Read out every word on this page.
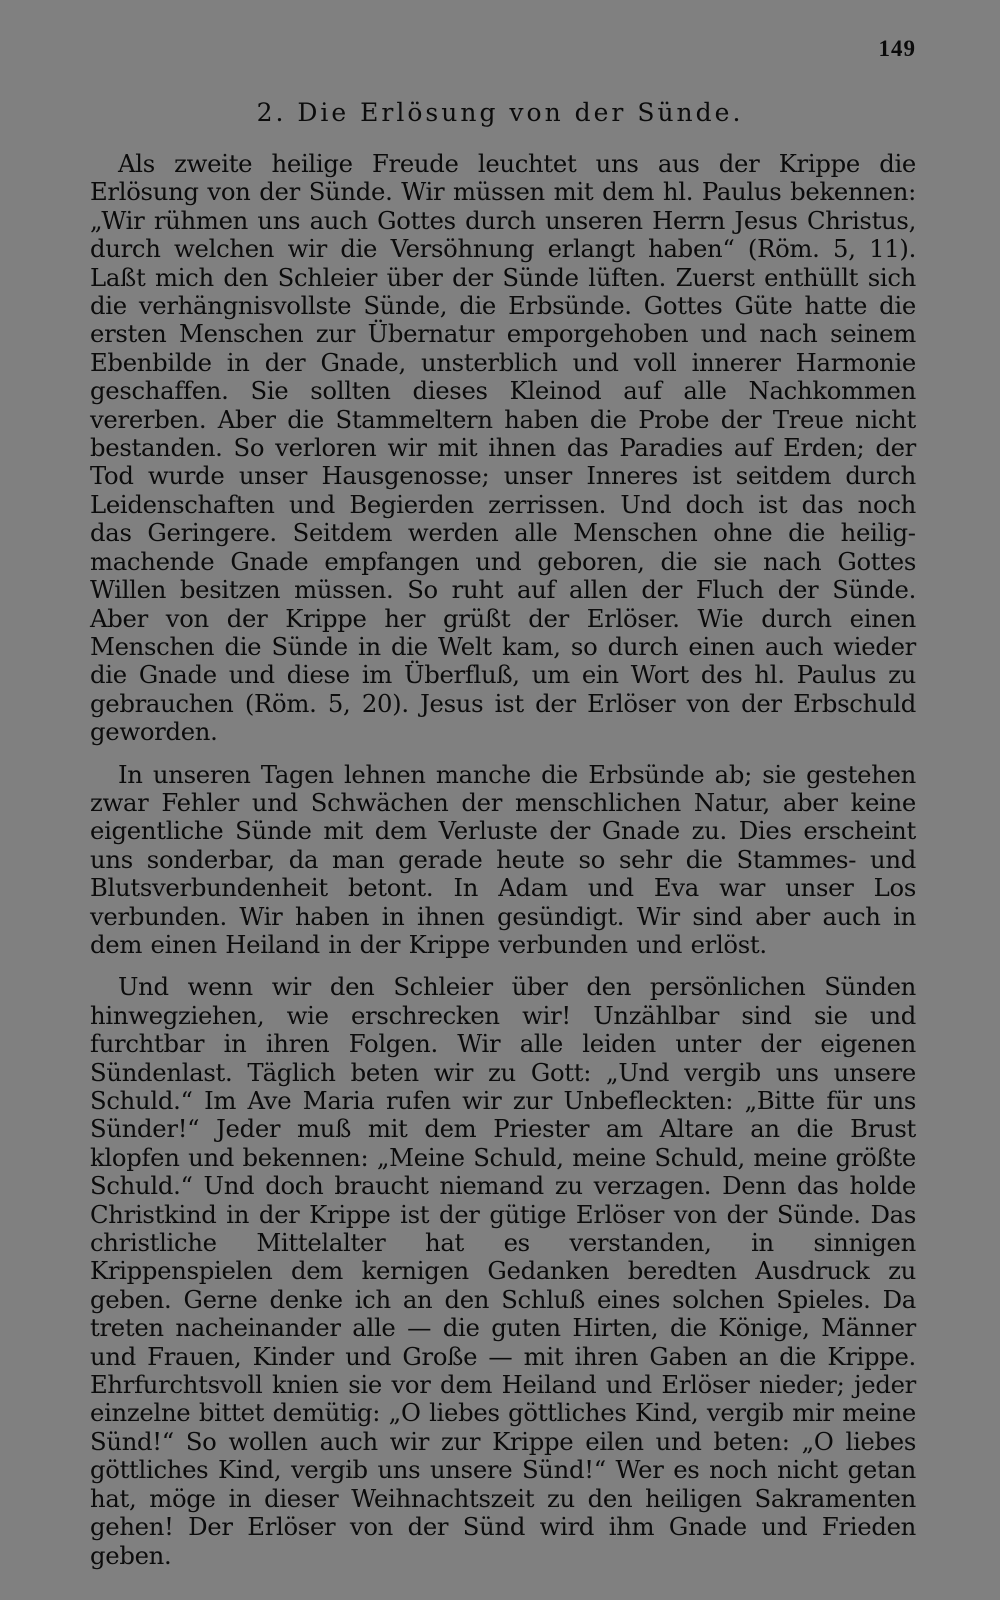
149
2. Die Erlösung von der Sünde.

Als zweite heilige Freude leuchtet uns aus der Krippe die Erlösung von der Sünde. Wir müssen mit dem hl. Paulus bekennen: „Wir rühmen uns auch Gottes durch unseren Herrn Jesus Christus, durch welchen wir die Versöhnung erlangt haben“ (Röm. 5, 11). Laßt mich den Schleier über der Sünde lüften. Zuerst enthüllt sich die verhängnisvollste Sünde, die Erbsünde. Gottes Güte hatte die ersten Menschen zur Übernatur emporgehoben und nach seinem Ebenbilde in der Gnade, unsterblich und voll innerer Harmonie geschaffen. Sie sollten dieses Kleinod auf alle Nachkommen vererben. Aber die Stammeltern haben die Probe der Treue nicht bestanden. So verloren wir mit ihnen das Paradies auf Erden; der Tod wurde unser Hausgenosse; unser Inneres ist seitdem durch Leidenschaften und Begierden zerrissen. Und doch ist das noch das Geringere. Seitdem werden alle Menschen ohne die heiligmachende Gnade empfangen und geboren, die sie nach Gottes Willen besitzen müssen. So ruht auf allen der Fluch der Sünde. Aber von der Krippe her grüßt der Erlöser. Wie durch einen Menschen die Sünde in die Welt kam, so durch einen auch wieder die Gnade und diese im Überfluß, um ein Wort des hl. Paulus zu gebrauchen (Röm. 5, 20). Jesus ist der Erlöser von der Erbschuld geworden.

In unseren Tagen lehnen manche die Erbsünde ab; sie gestehen zwar Fehler und Schwächen der menschlichen Natur, aber keine eigentliche Sünde mit dem Verluste der Gnade zu. Dies erscheint uns sonderbar, da man gerade heute so sehr die Stammes- und Blutsverbundenheit betont. In Adam und Eva war unser Los verbunden. Wir haben in ihnen gesündigt. Wir sind aber auch in dem einen Heiland in der Krippe verbunden und erlöst.

Und wenn wir den Schleier über den persönlichen Sünden hinwegziehen, wie erschrecken wir! Unzählbar sind sie und furchtbar in ihren Folgen. Wir alle leiden unter der eigenen Sündenlast. Täglich beten wir zu Gott: „Und vergib uns unsere Schuld.“ Im Ave Maria rufen wir zur Unbefleckten: „Bitte für uns Sünder!“ Jeder muß mit dem Priester am Altare an die Brust klopfen und bekennen: „Meine Schuld, meine Schuld, meine größte Schuld.“ Und doch braucht niemand zu verzagen. Denn das holde Christkind in der Krippe ist der gütige Erlöser von der Sünde. Das christliche Mittelalter hat es verstanden, in sinnigen Krippenspielen dem kernigen Gedanken beredten Ausdruck zu geben. Gerne denke ich an den Schluß eines solchen Spieles. Da treten nacheinander alle — die guten Hirten, die Könige, Männer und Frauen, Kinder und Große — mit ihren Gaben an die Krippe. Ehrfurchtsvoll knien sie vor dem Heiland und Erlöser nieder; jeder einzelne bittet demütig: „O liebes göttliches Kind, vergib mir meine Sünd!“ So wollen auch wir zur Krippe eilen und beten: „O liebes göttliches Kind, vergib uns unsere Sünd!“ Wer es noch nicht getan hat, möge in dieser Weihnachtszeit zu den heiligen Sakramenten gehen! Der Erlöser von der Sünd wird ihm Gnade und Frieden geben.
